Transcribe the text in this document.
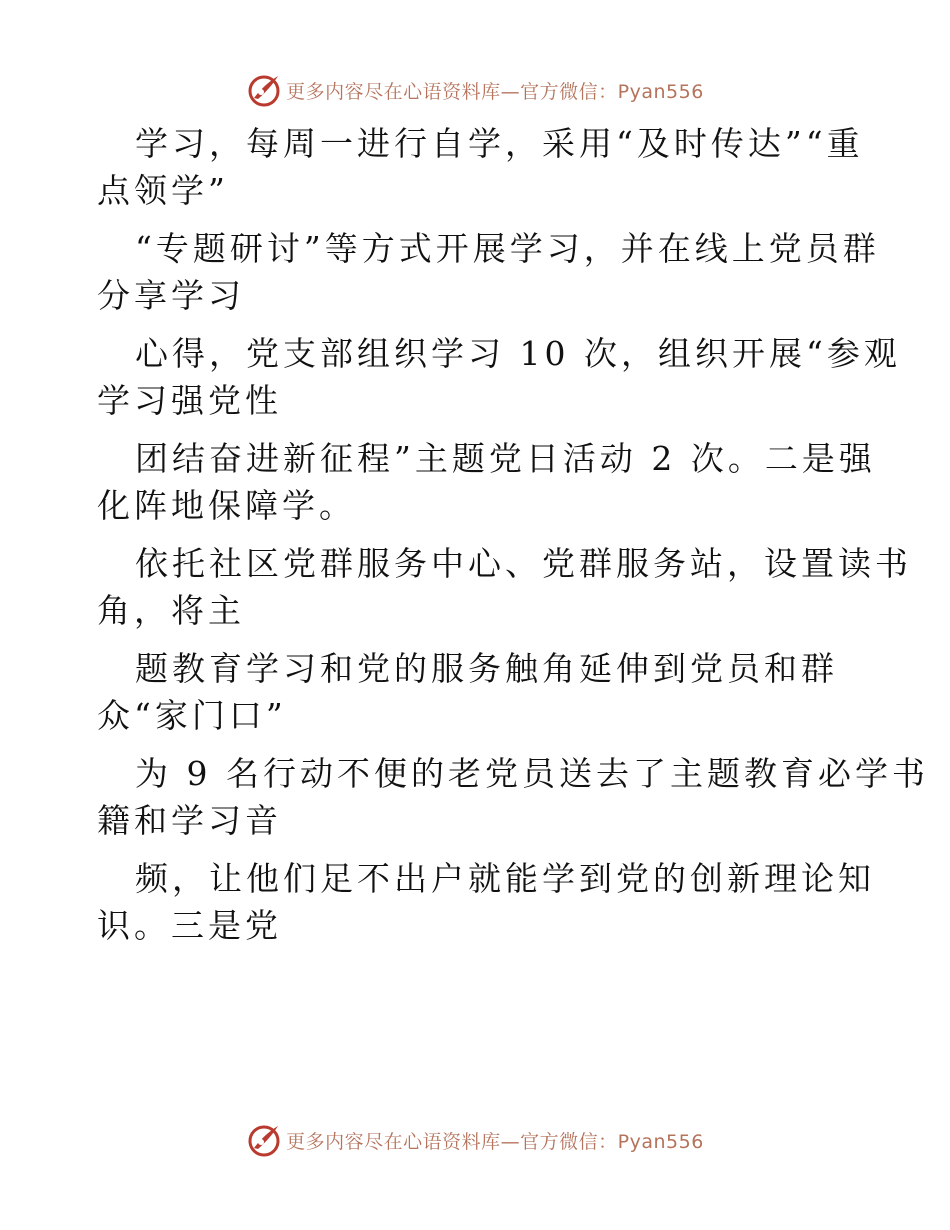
更多内容尽在心语资料库—官方微信：Pyan556
学习，每周一进行自学，采用“及时传达”“重
点领学”
“专题研讨”等方式开展学习，并在线上党员群
分享学习
心得，党支部组织学习 10 次，组织开展“参观
学习强党性
团结奋进新征程”主题党日活动 2 次。二是强
化阵地保障学。
依托社区党群服务中心、党群服务站，设置读书
角，将主
题教育学习和党的服务触角延伸到党员和群
众“家门口”
为 9 名行动不便的老党员送去了主题教育必学书
籍和学习音
频，让他们足不出户就能学到党的创新理论知
识。三是党
更多内容尽在心语资料库—官方微信：Pyan556
